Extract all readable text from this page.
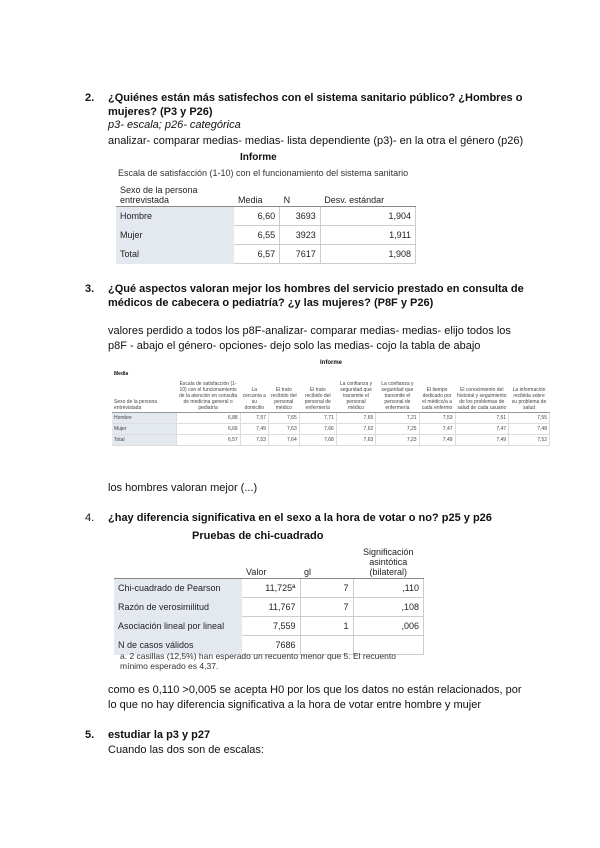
2. ¿Quiénes están más satisfechos con el sistema sanitario público? ¿Hombres o mujeres? (P3 y P26)
p3- escala; p26- categórica
analizar- comparar medias- medias- lista dependiente (p3)- en la otra el género (p26)
Informe
Escala de satisfacción (1-10) con el funcionamiento del sistema sanitario
Sexo de la persona entrevistada	Media	N	Desv. estándar
Hombre	6,60	3693	1,904
Mujer	6,55	3923	1,911
Total	6,57	7617	1,908
3. ¿Qué aspectos valoran mejor los hombres del servicio prestado en consulta de médicos de cabecera o pediatría? ¿y las mujeres? (P8F y P26)
valores perdido a todos los p8F-analizar- comparar medias- medias- elijo todos los p8F - abajo el género- opciones- dejo solo las medias- cojo la tabla de abajo
Informe
Media
Sexo de la persona entrevistada	Escala de satisfacción (1-10) con el funcionamiento de la atención en consulta de medicina general o pediatría	La cercanía a su domicilio	El trato recibido del personal médico	El trato recibido del personal de enfermería	La confianza y seguridad que transmite el personal médico	La confianza y seguridad que transmite el personal de enfermería	El tiempo dedicado por el médico/a a cada enfermo	El conocimiento del historial y seguimiento de los problemas de salud de cada usuario	La información recibida sobre su problema de salud
Hombre	6,88	7,57	7,65	7,71	7,65	7,21	7,53	7,51	7,55
Mujer	6,66	7,49	7,63	7,66	7,62	7,25	7,47	7,47	7,48
Total	6,57	7,53	7,64	7,68	7,63	7,23	7,49	7,49	7,52
los hombres valoran mejor (...)
4. ¿hay diferencia significativa en el sexo a la hora de votar o no? p25 y p26
Pruebas de chi-cuadrado
	Valor	gl	Significación asintótica (bilateral)
Chi-cuadrado de Pearson	11,725ª	7	,110
Razón de verosimilitud	11,767	7	,108
Asociación lineal por lineal	7,559	1	,006
N de casos válidos	7686		
a. 2 casillas (12,5%) han esperado un recuento menor que 5. El recuento mínimo esperado es 4,37.
como es 0,110 >0,005 se acepta H0 por los que los datos no están relacionados, por lo que no hay diferencia significativa a la hora de votar entre hombre y mujer
5. estudiar la p3 y p27
Cuando las dos son de escalas:
